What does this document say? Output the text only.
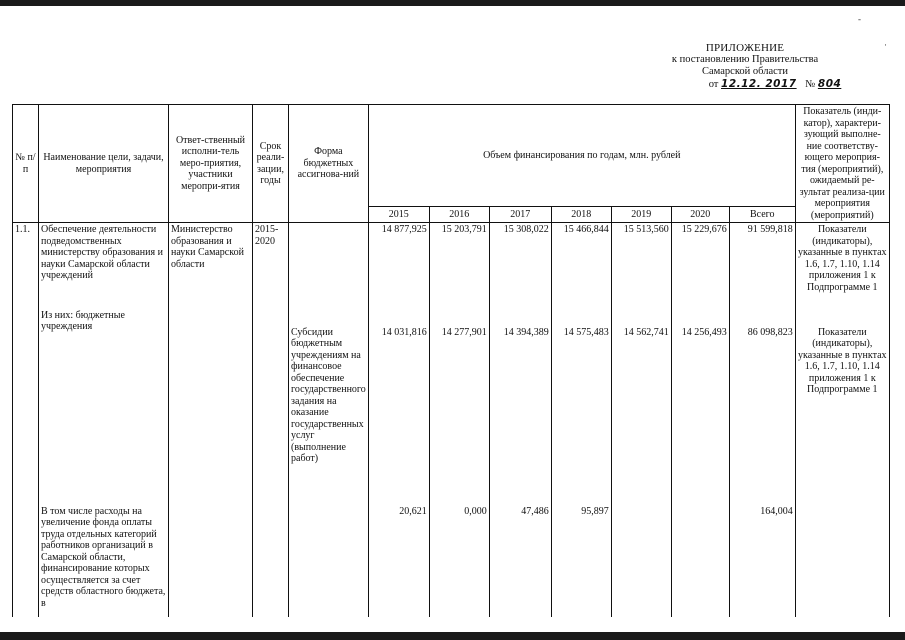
-
·
ПРИЛОЖЕНИЕ
к постановлению Правительства
Самарской области
от 12.12. 2017 № 804
№ п/п	Наименование цели, задачи, мероприятия	Ответ-ственный исполни-тель меро-приятия, участники меропри-ятия	Срок реали-зации, годы	Форма бюджетных ассигнова-ний	Объем финансирования по годам, млн. рублей							Показатель (инди-катор), характери-зующий выполне-ние соответству-ющего мероприя-тия (мероприятий), ожидаемый ре-зультат реализа-ции мероприятия (мероприятий)
					2015	2016	2017	2018	2019	2020	Всего	
1.1.	Обеспечение деятельности подведомственных министерству образования и науки Самарской области учреждений	Министерство образования и науки Самарской области	2015-2020		14 877,925	15 203,791	15 308,022	15 466,844	15 513,560	15 229,676	91 599,818	Показатели (индикаторы), указанные в пунктах 1.6, 1.7, 1.10, 1.14 приложения 1 к Подпрограмме 1
	Из них: бюджетные учреждения			Субсидии бюджетным учреждениям на финансовое обеспечение государственного задания на оказание государственных услуг (выполнение работ)	14 031,816	14 277,901	14 394,389	14 575,483	14 562,741	14 256,493	86 098,823	Показатели (индикаторы), указанные в пунктах 1.6, 1.7, 1.10, 1.14 приложения 1 к Подпрограмме 1
	В том числе расходы на увеличение фонда оплаты труда отдельных категорий работников организаций в Самарской области, финансирование которых осуществляется за счет средств областного бюджета, в				20,621	0,000	47,486	95,897			164,004	
